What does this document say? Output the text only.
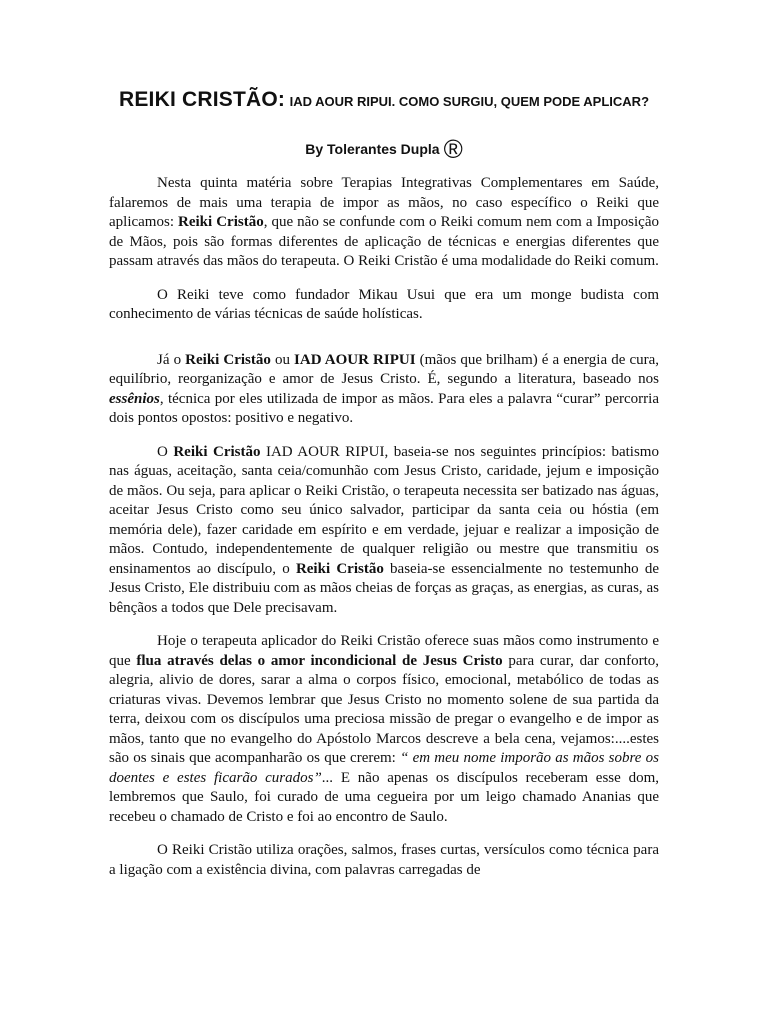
REIKI CRISTÃO: IAD AOUR RIPUI. COMO SURGIU, QUEM PODE APLICAR?
By Tolerantes Dupla ®

Nesta quinta matéria sobre Terapias Integrativas Complementares em Saúde, falaremos de mais uma terapia de impor as mãos, no caso específico o Reiki que aplicamos: Reiki Cristão, que não se confunde com o Reiki comum nem com a Imposição de Mãos, pois são formas diferentes de aplicação de técnicas e energias diferentes que passam através das mãos do terapeuta. O Reiki Cristão é uma modalidade do Reiki comum.

O Reiki teve como fundador Mikau Usui que era um monge budista com conhecimento de várias técnicas de saúde holísticas.

Já o Reiki Cristão ou IAD AOUR RIPUI (mãos que brilham) é a energia de cura, equilíbrio, reorganização e amor de Jesus Cristo. É, segundo a literatura, baseado nos essênios, técnica por eles utilizada de impor as mãos. Para eles a palavra “curar” percorria dois pontos opostos: positivo e negativo.

O Reiki Cristão IAD AOUR RIPUI, baseia-se nos seguintes princípios: batismo nas águas, aceitação, santa ceia/comunhão com Jesus Cristo, caridade, jejum e imposição de mãos. Ou seja, para aplicar o Reiki Cristão, o terapeuta necessita ser batizado nas águas, aceitar Jesus Cristo como seu único salvador, participar da santa ceia ou hóstia (em memória dele), fazer caridade em espírito e em verdade, jejuar e realizar a imposição de mãos. Contudo, independentemente de qualquer religião ou mestre que transmitiu os ensinamentos ao discípulo, o Reiki Cristão baseia-se essencialmente no testemunho de Jesus Cristo, Ele distribuiu com as mãos cheias de forças as graças, as energias, as curas, as bênçãos a todos que Dele precisavam.

Hoje o terapeuta aplicador do Reiki Cristão oferece suas mãos como instrumento e que flua através delas o amor incondicional de Jesus Cristo para curar, dar conforto, alegria, alivio de dores, sarar a alma o corpos físico, emocional, metabólico de todas as criaturas vivas. Devemos lembrar que Jesus Cristo no momento solene de sua partida da terra, deixou com os discípulos uma preciosa missão de pregar o evangelho e de impor as mãos, tanto que no evangelho do Apóstolo Marcos descreve a bela cena, vejamos:....estes são os sinais que acompanharão os que crerem: “ em meu nome imporão as mãos sobre os doentes e estes ficarão curados”... E não apenas os discípulos receberam esse dom, lembremos que Saulo, foi curado de uma cegueira por um leigo chamado Ananias que recebeu o chamado de Cristo e foi ao encontro de Saulo.

O Reiki Cristão utiliza orações, salmos, frases curtas, versículos como técnica para a ligação com a existência divina, com palavras carregadas de
